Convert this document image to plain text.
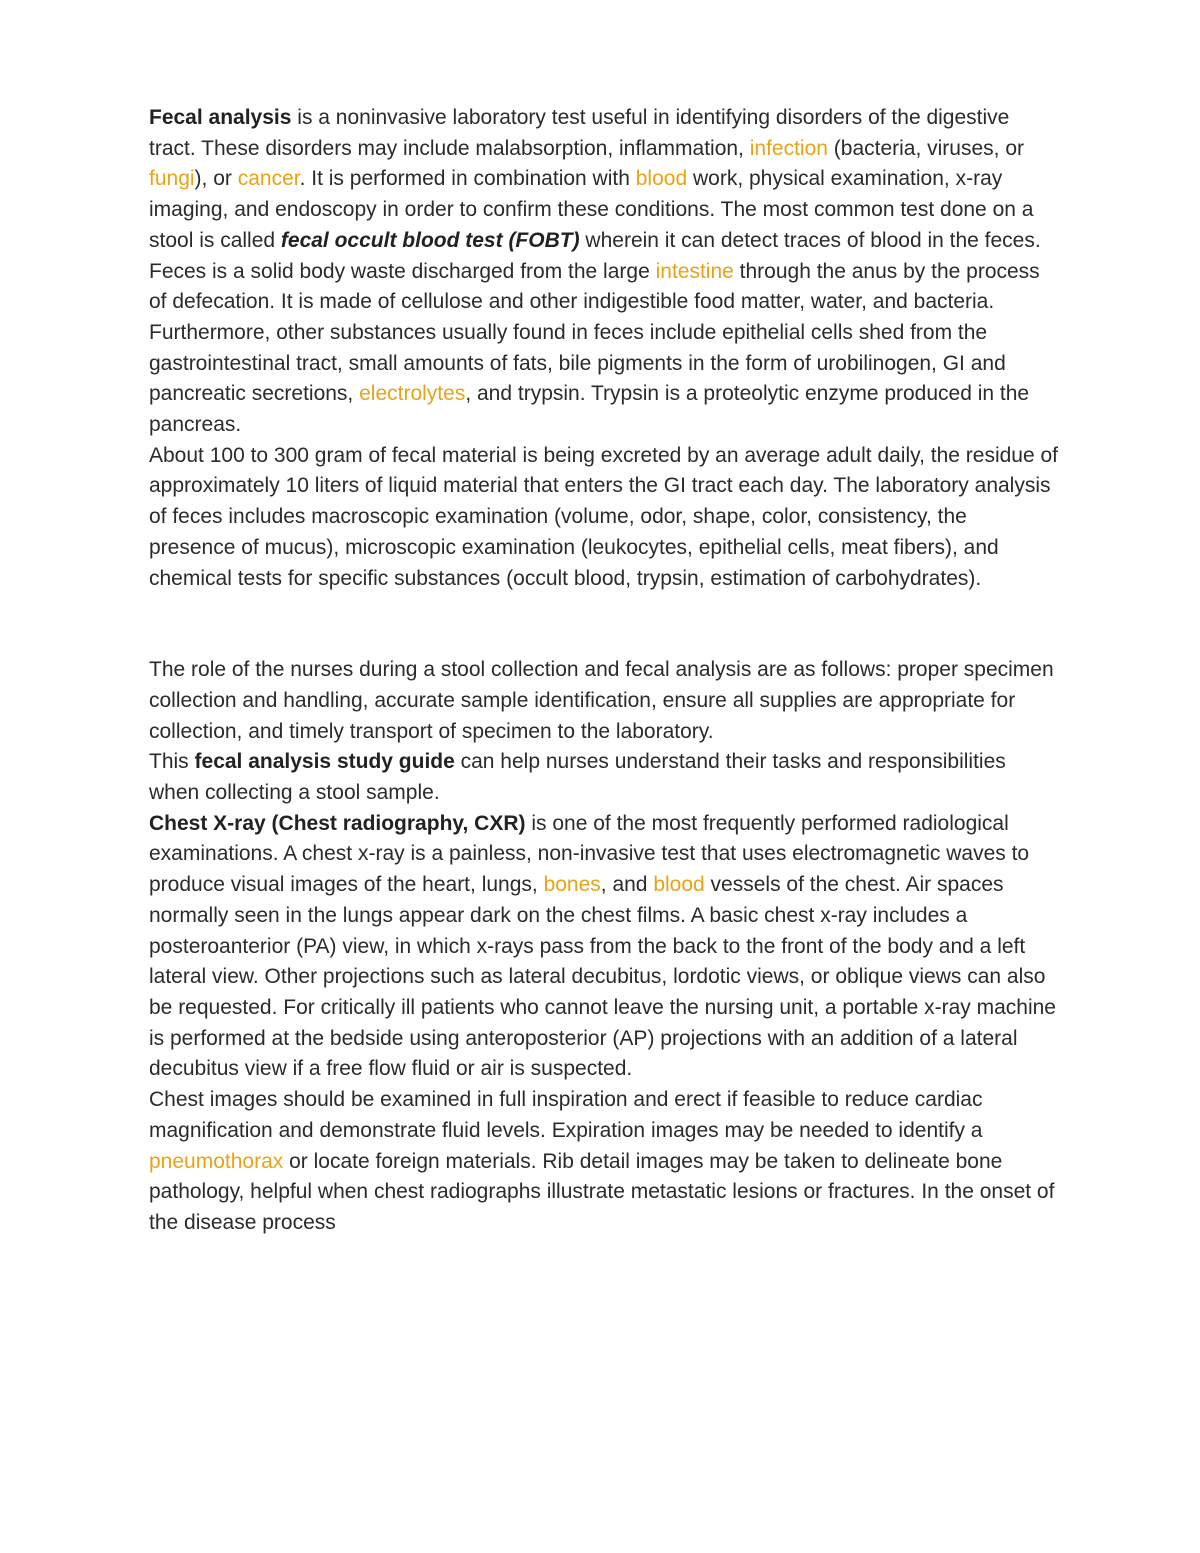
Fecal analysis is a noninvasive laboratory test useful in identifying disorders of the digestive tract. These disorders may include malabsorption, inflammation, infection (bacteria, viruses, or fungi), or cancer. It is performed in combination with blood work, physical examination, x-ray imaging, and endoscopy in order to confirm these conditions. The most common test done on a stool is called fecal occult blood test (FOBT) wherein it can detect traces of blood in the feces.

Feces is a solid body waste discharged from the large intestine through the anus by the process of defecation. It is made of cellulose and other indigestible food matter, water, and bacteria. Furthermore, other substances usually found in feces include epithelial cells shed from the gastrointestinal tract, small amounts of fats, bile pigments in the form of urobilinogen, GI and pancreatic secretions, electrolytes, and trypsin. Trypsin is a proteolytic enzyme produced in the pancreas.

About 100 to 300 gram of fecal material is being excreted by an average adult daily, the residue of approximately 10 liters of liquid material that enters the GI tract each day. The laboratory analysis of feces includes macroscopic examination (volume, odor, shape, color, consistency, the presence of mucus), microscopic examination (leukocytes, epithelial cells, meat fibers), and chemical tests for specific substances (occult blood, trypsin, estimation of carbohydrates).

The role of the nurses during a stool collection and fecal analysis are as follows: proper specimen collection and handling, accurate sample identification, ensure all supplies are appropriate for collection, and timely transport of specimen to the laboratory.

This fecal analysis study guide can help nurses understand their tasks and responsibilities when collecting a stool sample.

Chest X-ray (Chest radiography, CXR) is one of the most frequently performed radiological examinations. A chest x-ray is a painless, non-invasive test that uses electromagnetic waves to produce visual images of the heart, lungs, bones, and blood vessels of the chest. Air spaces normally seen in the lungs appear dark on the chest films. A basic chest x-ray includes a posteroanterior (PA) view, in which x-rays pass from the back to the front of the body and a left lateral view. Other projections such as lateral decubitus, lordotic views, or oblique views can also be requested. For critically ill patients who cannot leave the nursing unit, a portable x-ray machine is performed at the bedside using anteroposterior (AP) projections with an addition of a lateral decubitus view if a free flow fluid or air is suspected.

Chest images should be examined in full inspiration and erect if feasible to reduce cardiac magnification and demonstrate fluid levels. Expiration images may be needed to identify a pneumothorax or locate foreign materials. Rib detail images may be taken to delineate bone pathology, helpful when chest radiographs illustrate metastatic lesions or fractures. In the onset of the disease process
